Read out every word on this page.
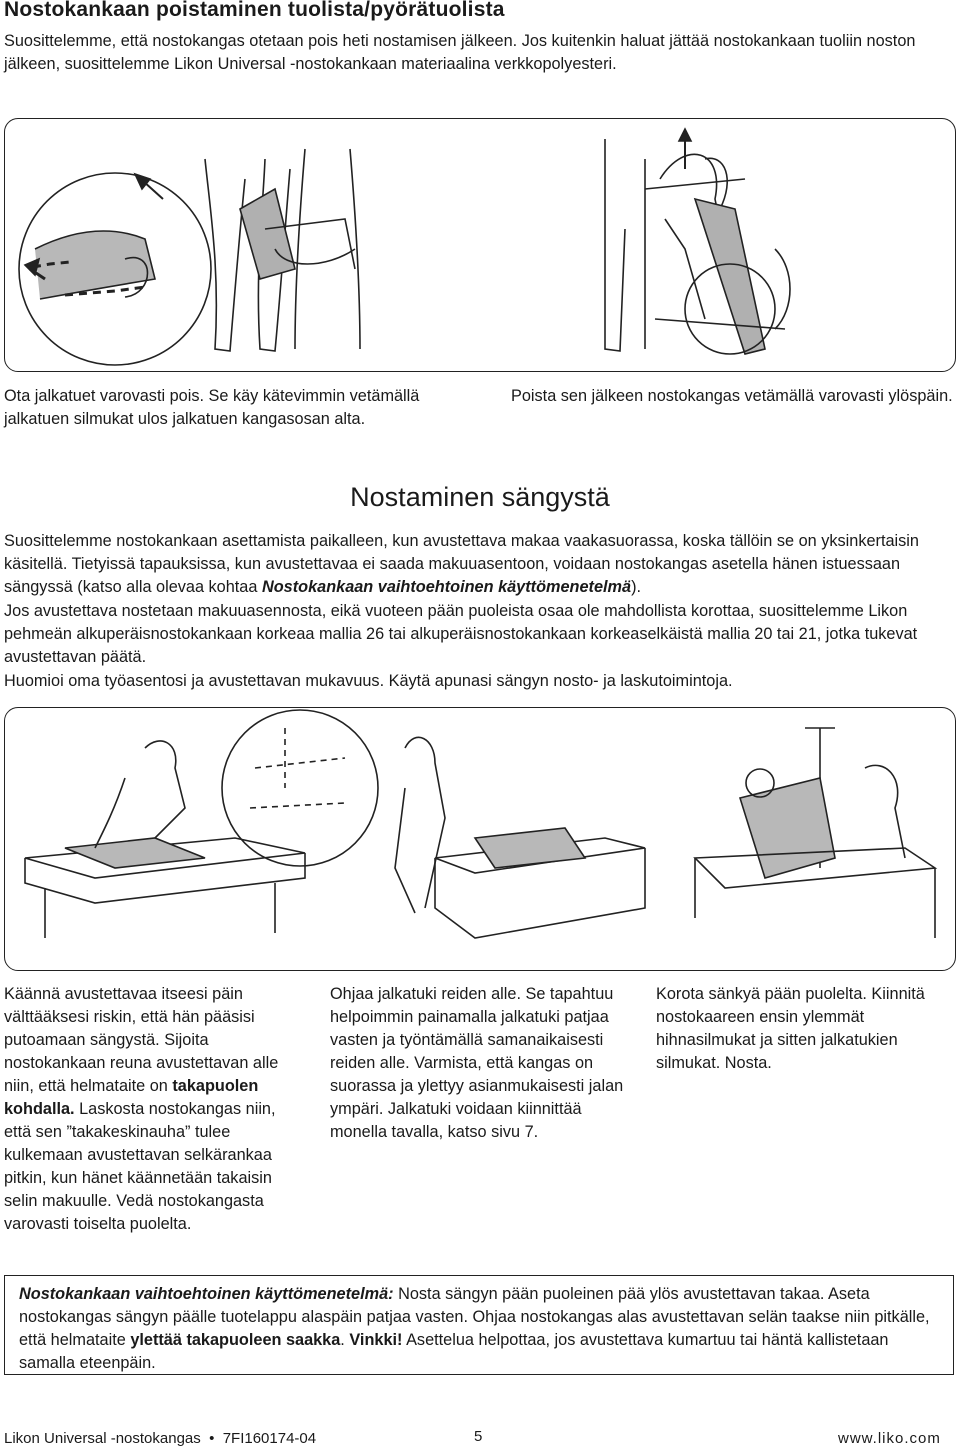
Nostokankaan poistaminen tuolista/pyörätuolista
Suosittelemme, että nostokangas otetaan pois heti nostamisen jälkeen. Jos kuitenkin haluat jättää nostokankaan tuoliin noston jälkeen, suosittelemme Likon Universal -nostokankaan materiaalina verkkopolyesteri.
Ota jalkatuet varovasti pois. Se käy kätevimmin vetämällä jalkatuen silmukat ulos jalkatuen kangasosan alta.
Poista sen jälkeen nostokangas vetämällä varovasti ylöspäin.
Nostaminen sängystä

Suosittelemme nostokankaan asettamista paikalleen, kun avustettava makaa vaakasuorassa, koska tällöin se on yksinkertaisin käsitellä. Tietyissä tapauksissa, kun avustettavaa ei saada makuuasentoon, voidaan nostokangas asetella hänen istuessaan sängyssä (katso alla olevaa kohtaa Nostokankaan vaihtoehtoinen käyttömenetelmä).

Jos avustettava nostetaan makuuasennosta, eikä vuoteen pään puoleista osaa ole mahdollista korottaa, suosittelemme Likon pehmeän alkuperäisnostokankaan korkeaa mallia 26 tai alkuperäisnostokankaan korkeaselkäistä mallia 20 tai 21, jotka tukevat avustettavan päätä.

Huomioi oma työasentosi ja avustettavan mukavuus. Käytä apunasi sängyn nosto- ja laskutoimintoja.

Käännä avustettavaa itseesi päin välttääksesi riskin, että hän pääsisi putoamaan sängystä. Sijoita nostokankaan reuna avustettavan alle niin, että helmataite on takapuolen kohdalla. Laskosta nostokangas niin, että sen ”takakeskinauha” tulee kulkemaan avustettavan selkärankaa pitkin, kun hänet käännetään takaisin selin makuulle. Vedä nostokangasta varovasti toiselta puolelta.
Ohjaa jalkatuki reiden alle. Se tapahtuu helpoimmin painamalla jalkatuki patjaa vasten ja työntämällä samanaikaisesti reiden alle. Varmista, että kangas on suorassa ja ylettyy asianmukaisesti jalan ympäri. Jalkatuki voidaan kiinnittää monella tavalla, katso sivu 7.
Korota sänkyä pään puolelta. Kiinnitä nostokaareen ensin ylemmät hihnasilmukat ja sitten jalkatukien silmukat. Nosta.
Nostokankaan vaihtoehtoinen käyttömenetelmä: Nosta sängyn pään puoleinen pää ylös avustettavan takaa. Aseta nostokangas sängyn päälle tuotelappu alaspäin patjaa vasten. Ohjaa nostokangas alas avustettavan selän taakse niin pitkälle, että helmataite ylettää takapuoleen saakka. Vinkki! Asettelua helpottaa, jos avustettava kumartuu tai häntä kallistetaan samalla eteenpäin.
Likon Universal -nostokangas  •  7FI160174-04	5	www.liko.com
